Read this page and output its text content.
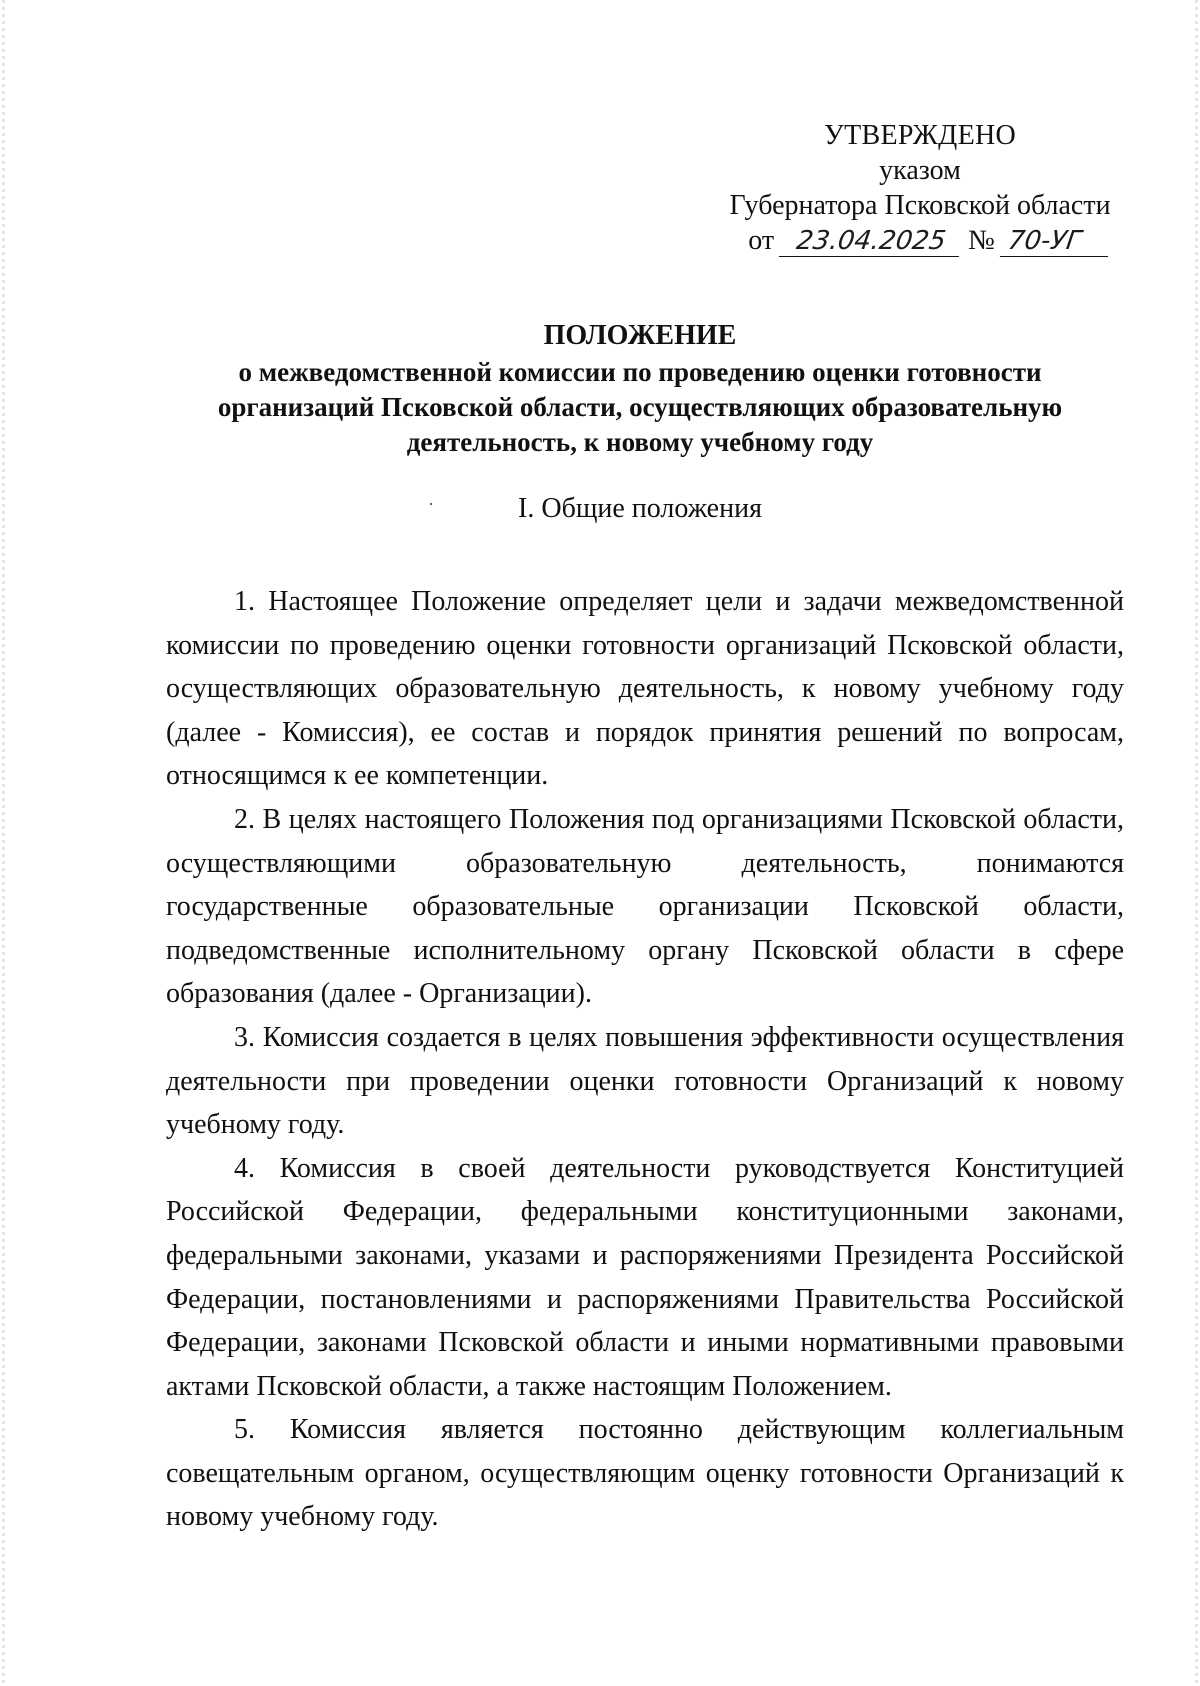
УТВЕРЖДЕНО
указом
Губернатора Псковской области
от 23.04.2025 № 70-УГ
ПОЛОЖЕНИЕ
о межведомственной комиссии по проведению оценки готовности
организаций Псковской области, осуществляющих образовательную
деятельность, к новому учебному году
I. Общие положения

1. Настоящее Положение определяет цели и задачи межведомственной комиссии по проведению оценки готовности организаций Псковской области, осуществляющих образовательную деятельность, к новому учебному году (далее - Комиссия), ее состав и порядок принятия решений по вопросам, относящимся к ее компетенции.

2. В целях настоящего Положения под организациями Псковской области, осуществляющими образовательную деятельность, понимаются государственные образовательные организации Псковской области, подведомственные исполнительному органу Псковской области в сфере образования (далее - Организации).

3. Комиссия создается в целях повышения эффективности осуществления деятельности при проведении оценки готовности Организаций к новому учебному году.

4. Комиссия в своей деятельности руководствуется Конституцией Российской Федерации, федеральными конституционными законами, федеральными законами, указами и распоряжениями Президента Российской Федерации, постановлениями и распоряжениями Правительства Российской Федерации, законами Псковской области и иными нормативными правовыми актами Псковской области, а также настоящим Положением.

5. Комиссия является постоянно действующим коллегиальным совещательным органом, осуществляющим оценку готовности Организаций к новому учебному году.
